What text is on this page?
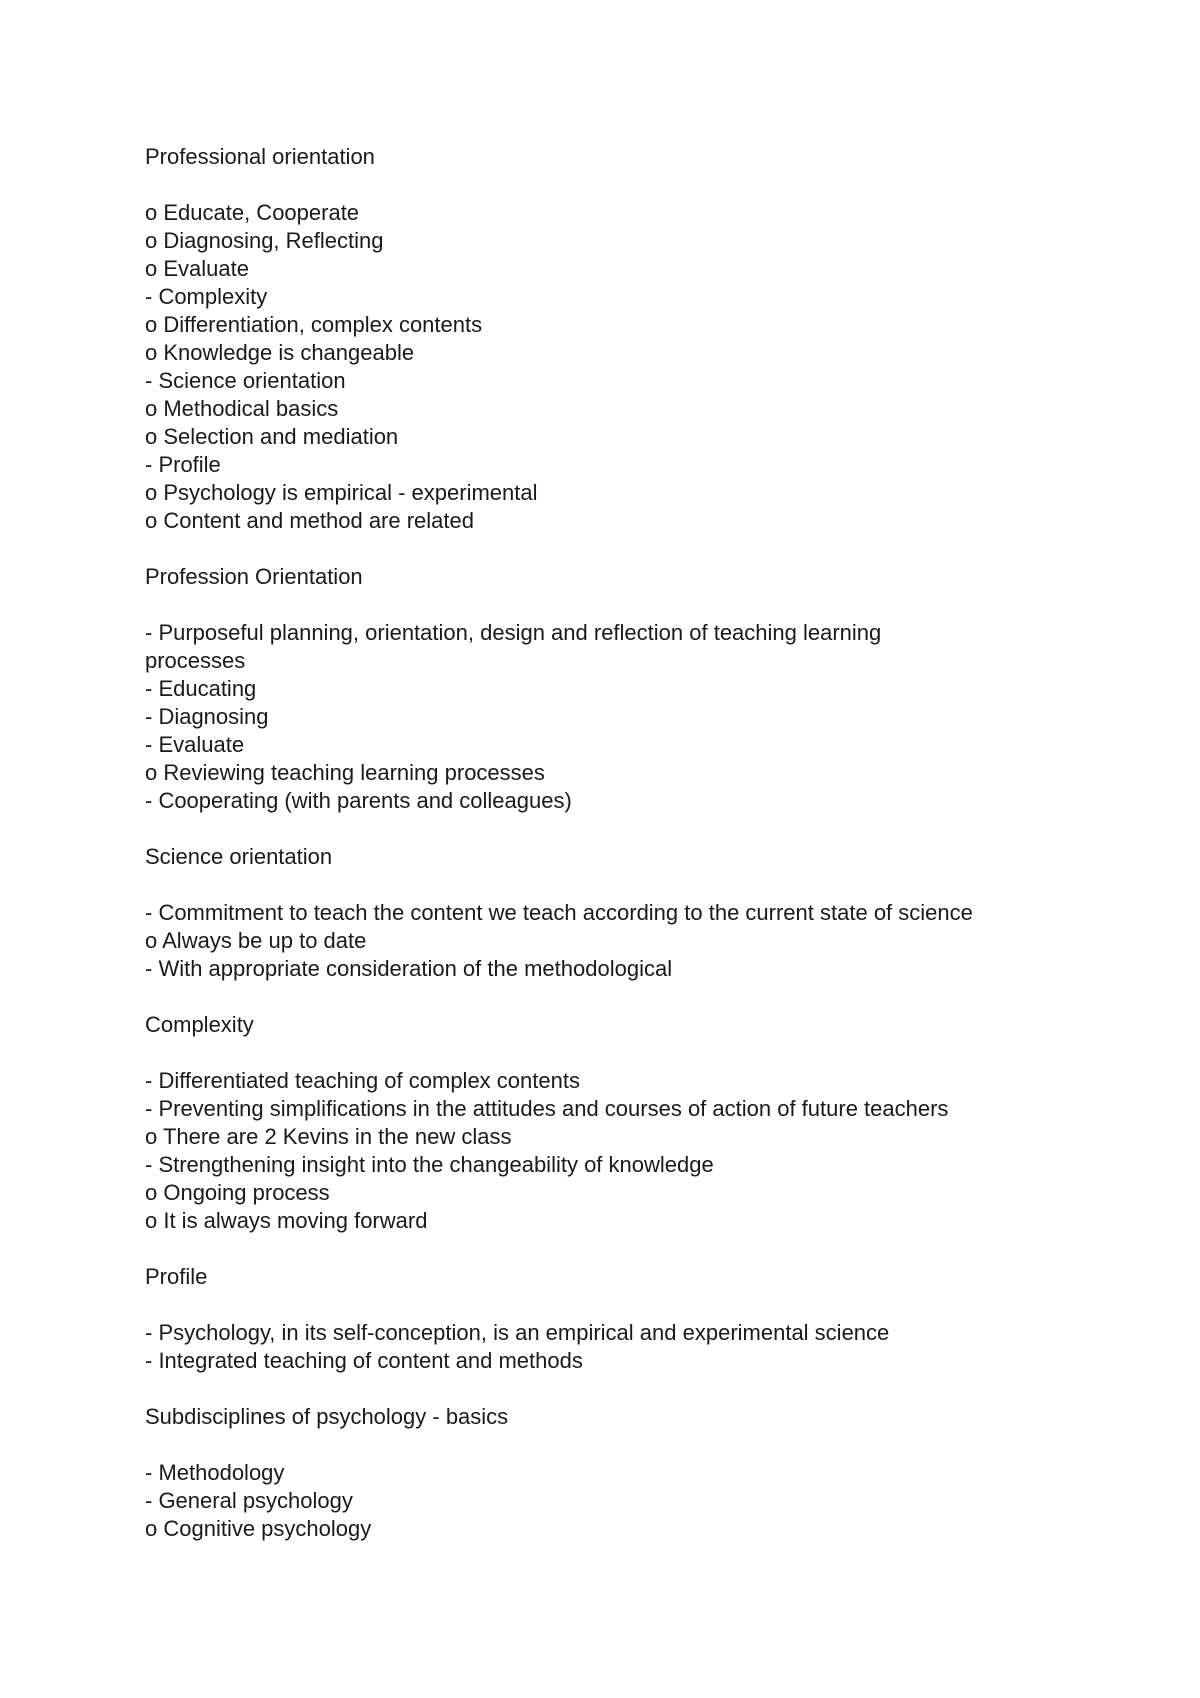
Professional orientation
o Educate, Cooperate
o Diagnosing, Reflecting
o Evaluate
- Complexity
o Differentiation, complex contents
o Knowledge is changeable
- Science orientation
o Methodical basics
o Selection and mediation
- Profile
o Psychology is empirical - experimental
o Content and method are related
Profession Orientation
- Purposeful planning, orientation, design and reflection of teaching learning processes
- Educating
- Diagnosing
- Evaluate
o Reviewing teaching learning processes
- Cooperating (with parents and colleagues)
Science orientation
- Commitment to teach the content we teach according to the current state of science
o Always be up to date
- With appropriate consideration of the methodological
Complexity
- Differentiated teaching of complex contents
- Preventing simplifications in the attitudes and courses of action of future teachers
o There are 2 Kevins in the new class
- Strengthening insight into the changeability of knowledge
o Ongoing process
o It is always moving forward
Profile
- Psychology, in its self-conception, is an empirical and experimental science
- Integrated teaching of content and methods
Subdisciplines of psychology - basics
- Methodology
- General psychology
o Cognitive psychology
